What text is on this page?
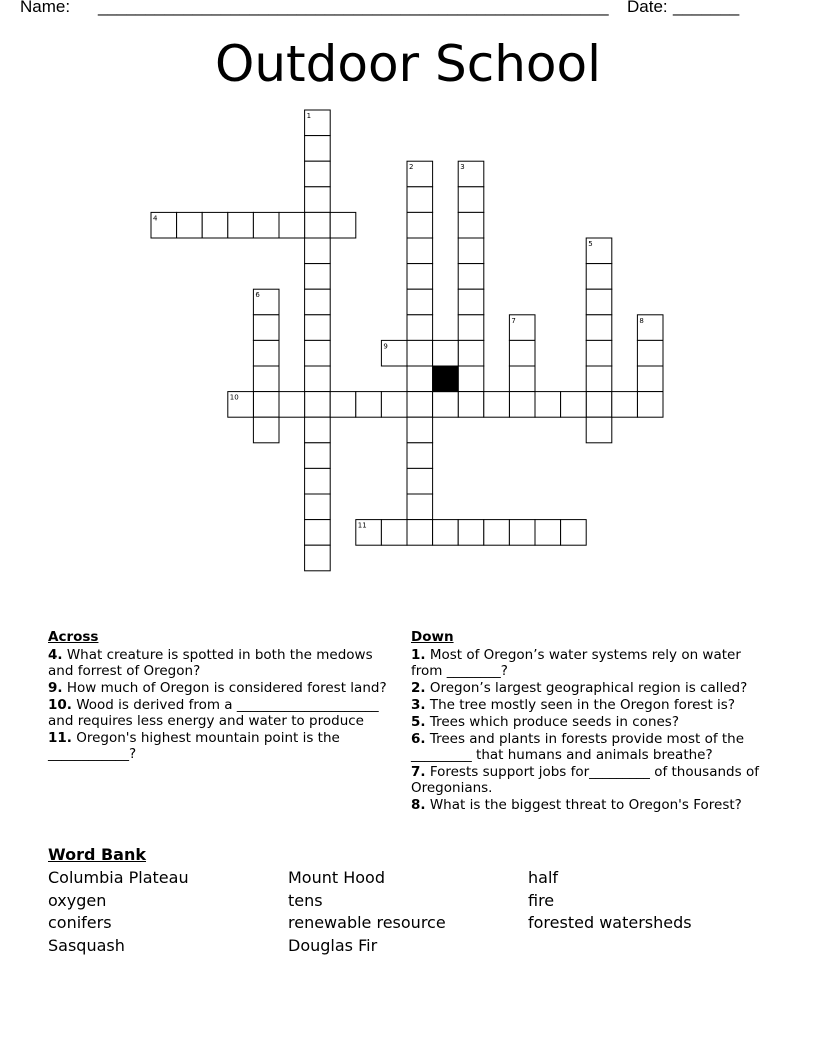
Name: ______________________________________________________ Date: _______
Outdoor School
1
2	3
4
5
6
7	8
9
10
11
Across
4. What creature is spotted in both the medows and forrest of Oregon?
9. How much of Oregon is considered forest land?
10. Wood is derived from a _____________________ and requires less energy and water to produce
11. Oregon's highest mountain point is the ____________?
Down
1. Most of Oregon’s water systems rely on water from ________?
2. Oregon’s largest geographical region is called?
3. The tree mostly seen in the Oregon forest is?
5. Trees which produce seeds in cones?
6. Trees and plants in forests provide most of the _________ that humans and animals breathe?
7. Forests support jobs for_________ of thousands of Oregonians.
8. What is the biggest threat to Oregon's Forest?
Word Bank
Columbia Plateau
oxygen
conifers
Sasquash
Mount Hood
tens
renewable resource
Douglas Fir
half
fire
forested watersheds
